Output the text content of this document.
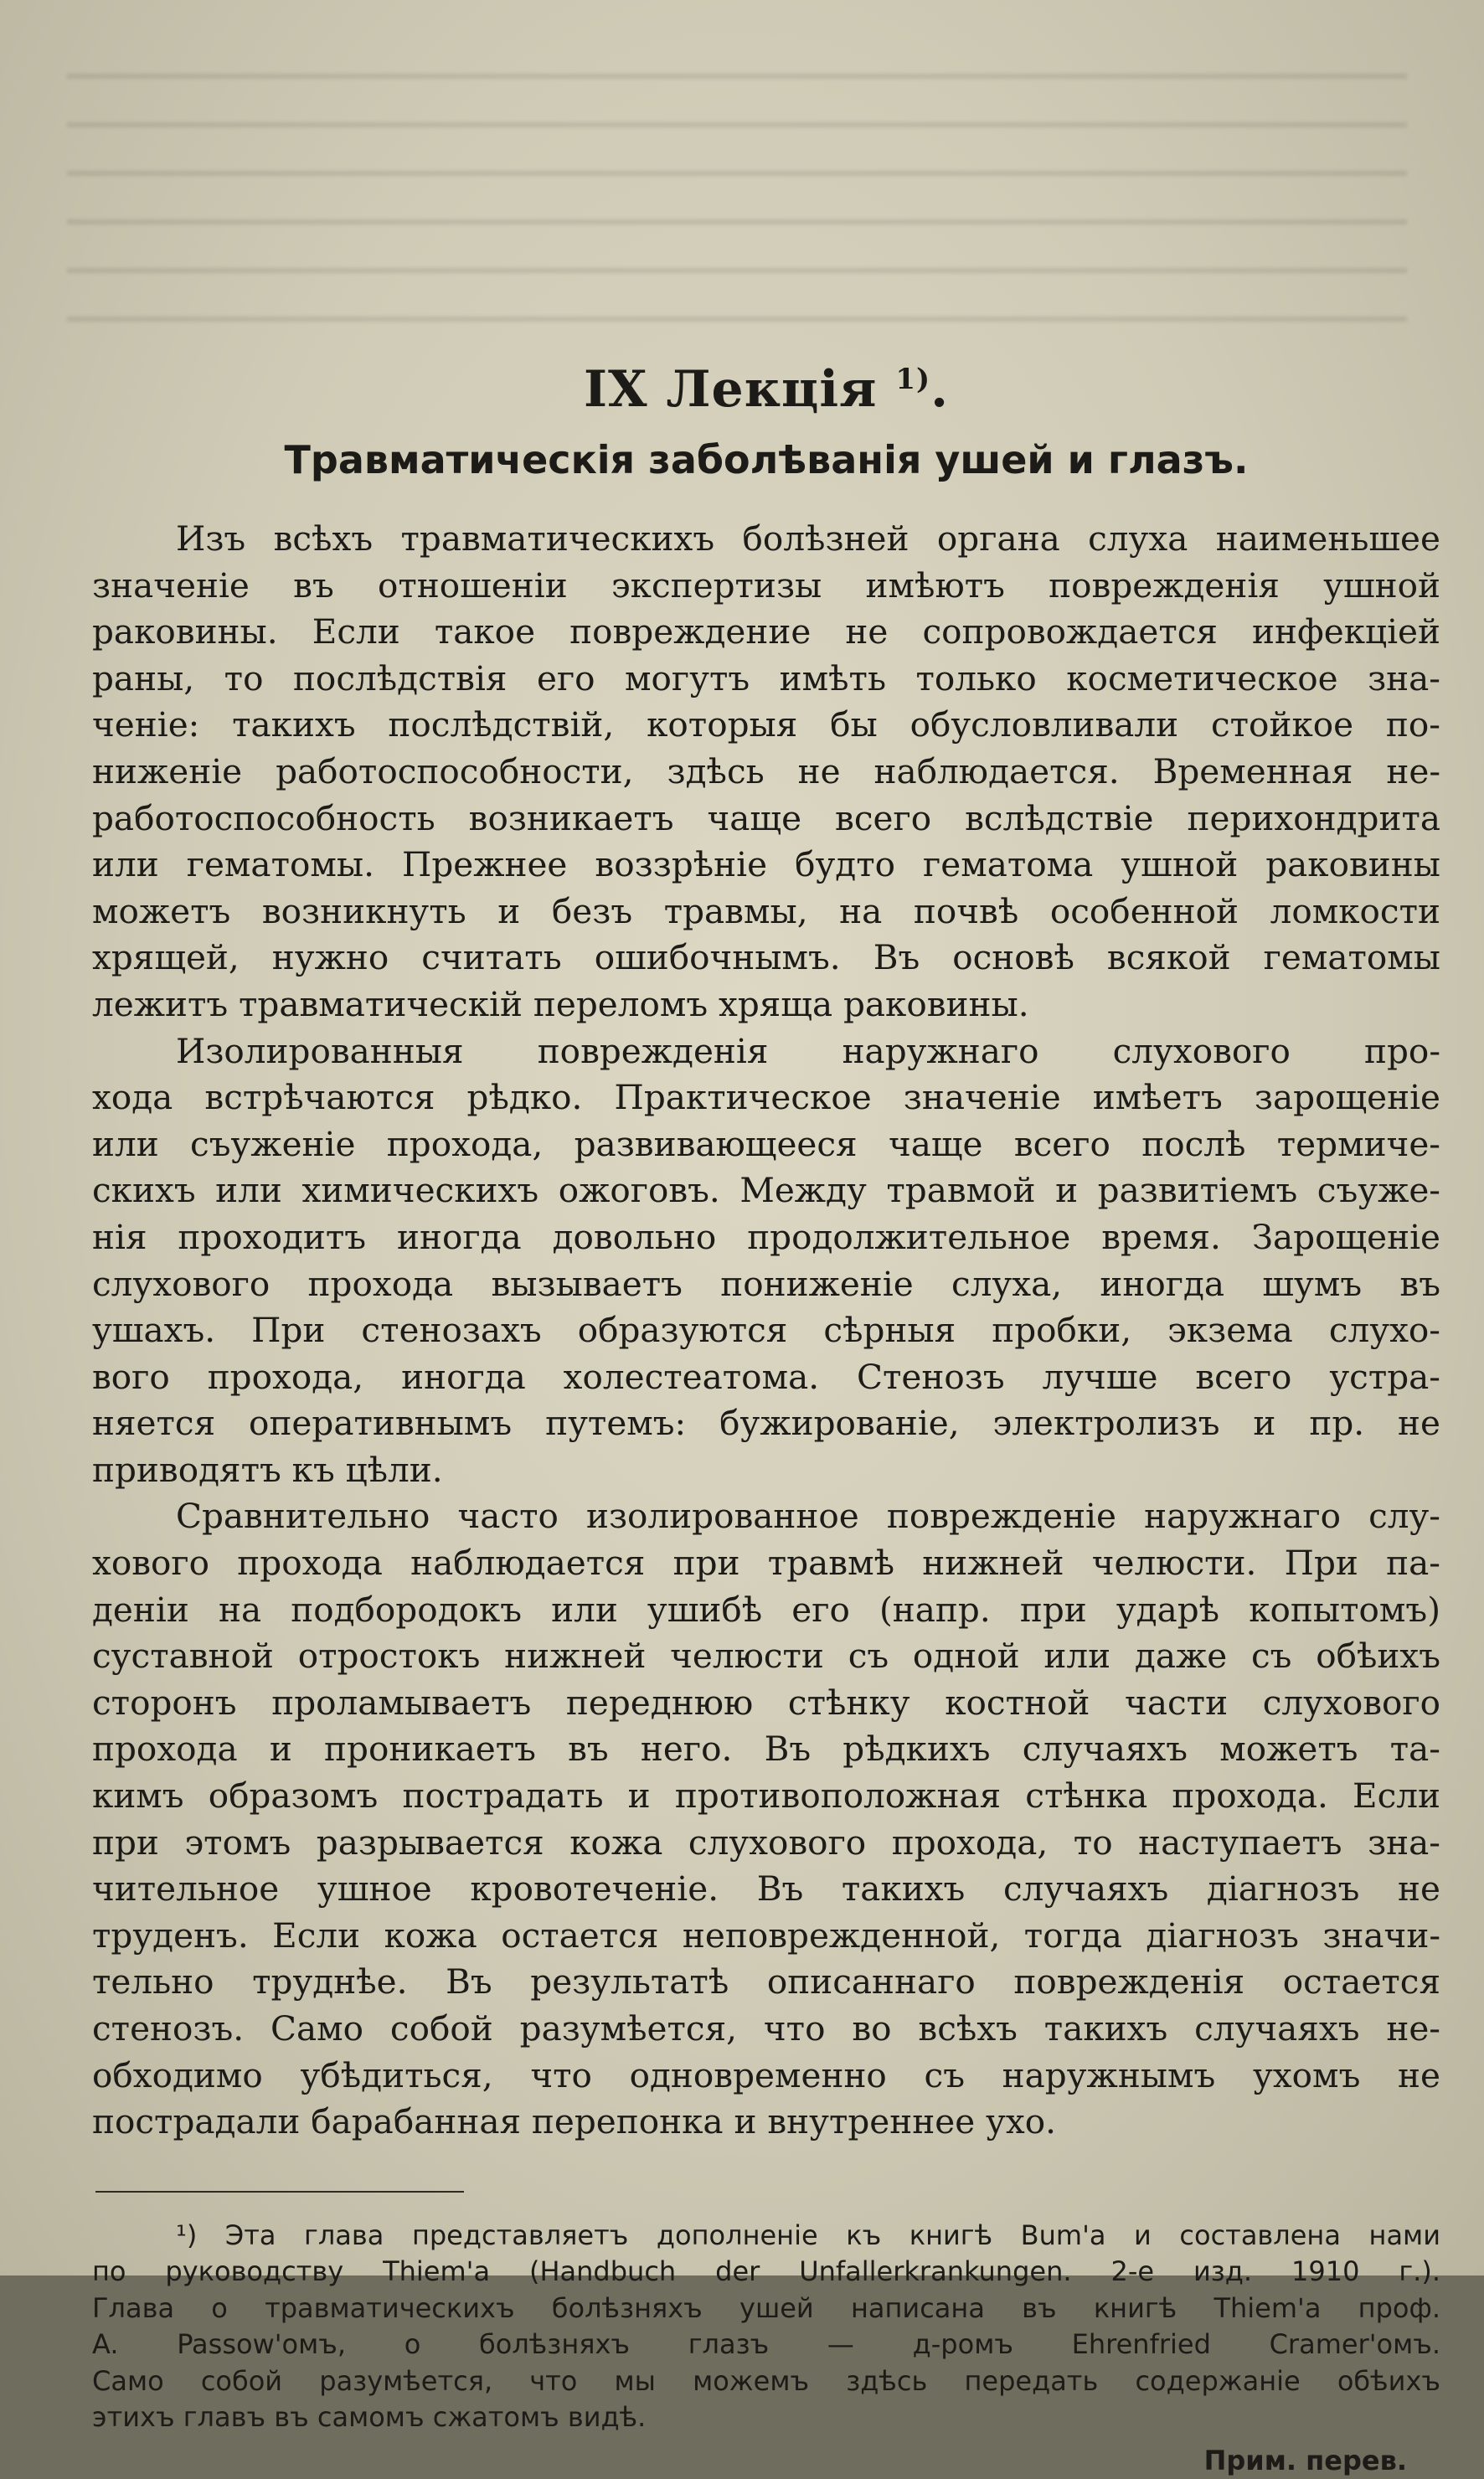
IX Лекція $^{1)}$.
Травматическія заболѣванія ушей и глазъ.
Изъ всѣхъ травматическихъ болѣзней органа слуха наименьшее
значеніе въ отношеніи экспертизы имѣютъ поврежденія ушной
раковины. Если такое повреждение не сопровождается инфекціей
раны, то послѣдствія его могутъ имѣть только косметическое зна-
ченіе: такихъ послѣдствій, которыя бы обусловливали стойкое по-
ниженіе работоспособности, здѣсь не наблюдается. Временная не-
работоспособность возникаетъ чаще всего вслѣдствіе перихондрита
или гематомы. Прежнее воззрѣніе будто гематома ушной раковины
можетъ возникнуть и безъ травмы, на почвѣ особенной ломкости
хрящей, нужно считать ошибочнымъ. Въ основѣ всякой гематомы
лежитъ травматическій переломъ хряща раковины.
Изолированныя поврежденія наружнаго слухового про-
хода встрѣчаются рѣдко. Практическое значеніе имѣетъ зарощеніе
или съуженіе прохода, развивающееся чаще всего послѣ термиче-
скихъ или химическихъ ожоговъ. Между травмой и развитіемъ съуже-
нія проходитъ иногда довольно продолжительное время. Зарощеніе
слухового прохода вызываетъ пониженіе слуха, иногда шумъ въ
ушахъ. При стенозахъ образуются сѣрныя пробки, экзема слухо-
вого прохода, иногда холестеатома. Стенозъ лучше всего устра-
няется оперативнымъ путемъ: бужированіе, электролизъ и пр. не
приводятъ къ цѣли.
Сравнительно часто изолированное поврежденіе наружнаго слу-
хового прохода наблюдается при травмѣ нижней челюсти. При па-
деніи на подбородокъ или ушибѣ его (напр. при ударѣ копытомъ)
суставной отростокъ нижней челюсти съ одной или даже съ обѣихъ
сторонъ проламываетъ переднюю стѣнку костной части слухового
прохода и проникаетъ въ него. Въ рѣдкихъ случаяхъ можетъ та-
кимъ образомъ пострадать и противоположная стѣнка прохода. Если
при этомъ разрывается кожа слухового прохода, то наступаетъ зна-
чительное ушное кровотеченіе. Въ такихъ случаяхъ діагнозъ не
труденъ. Если кожа остается неповрежденной, тогда діагнозъ значи-
тельно труднѣе. Въ результатѣ описаннаго поврежденія остается
стенозъ. Само собой разумѣется, что во всѣхъ такихъ случаяхъ не-
обходимо убѣдиться, что одновременно съ наружнымъ ухомъ не
пострадали барабанная перепонка и внутреннее ухо.
¹) Эта глава представляетъ дополненіе къ книгѣ Bum'а и составлена нами
по руководству Thiem'а (Handbuch der Unfallerkrankungen. 2-е изд. 1910 г.).
Глава о травматическихъ болѣзняхъ ушей написана въ книгѣ Thiem'а проф.
A. Passow'омъ, о болѣзняхъ глазъ — д-ромъ Ehrenfried Cramer'омъ.
Само собой разумѣется, что мы можемъ здѣсь передать содержаніе обѣихъ
этихъ главъ въ самомъ сжатомъ видѣ.
Прим. перев.
